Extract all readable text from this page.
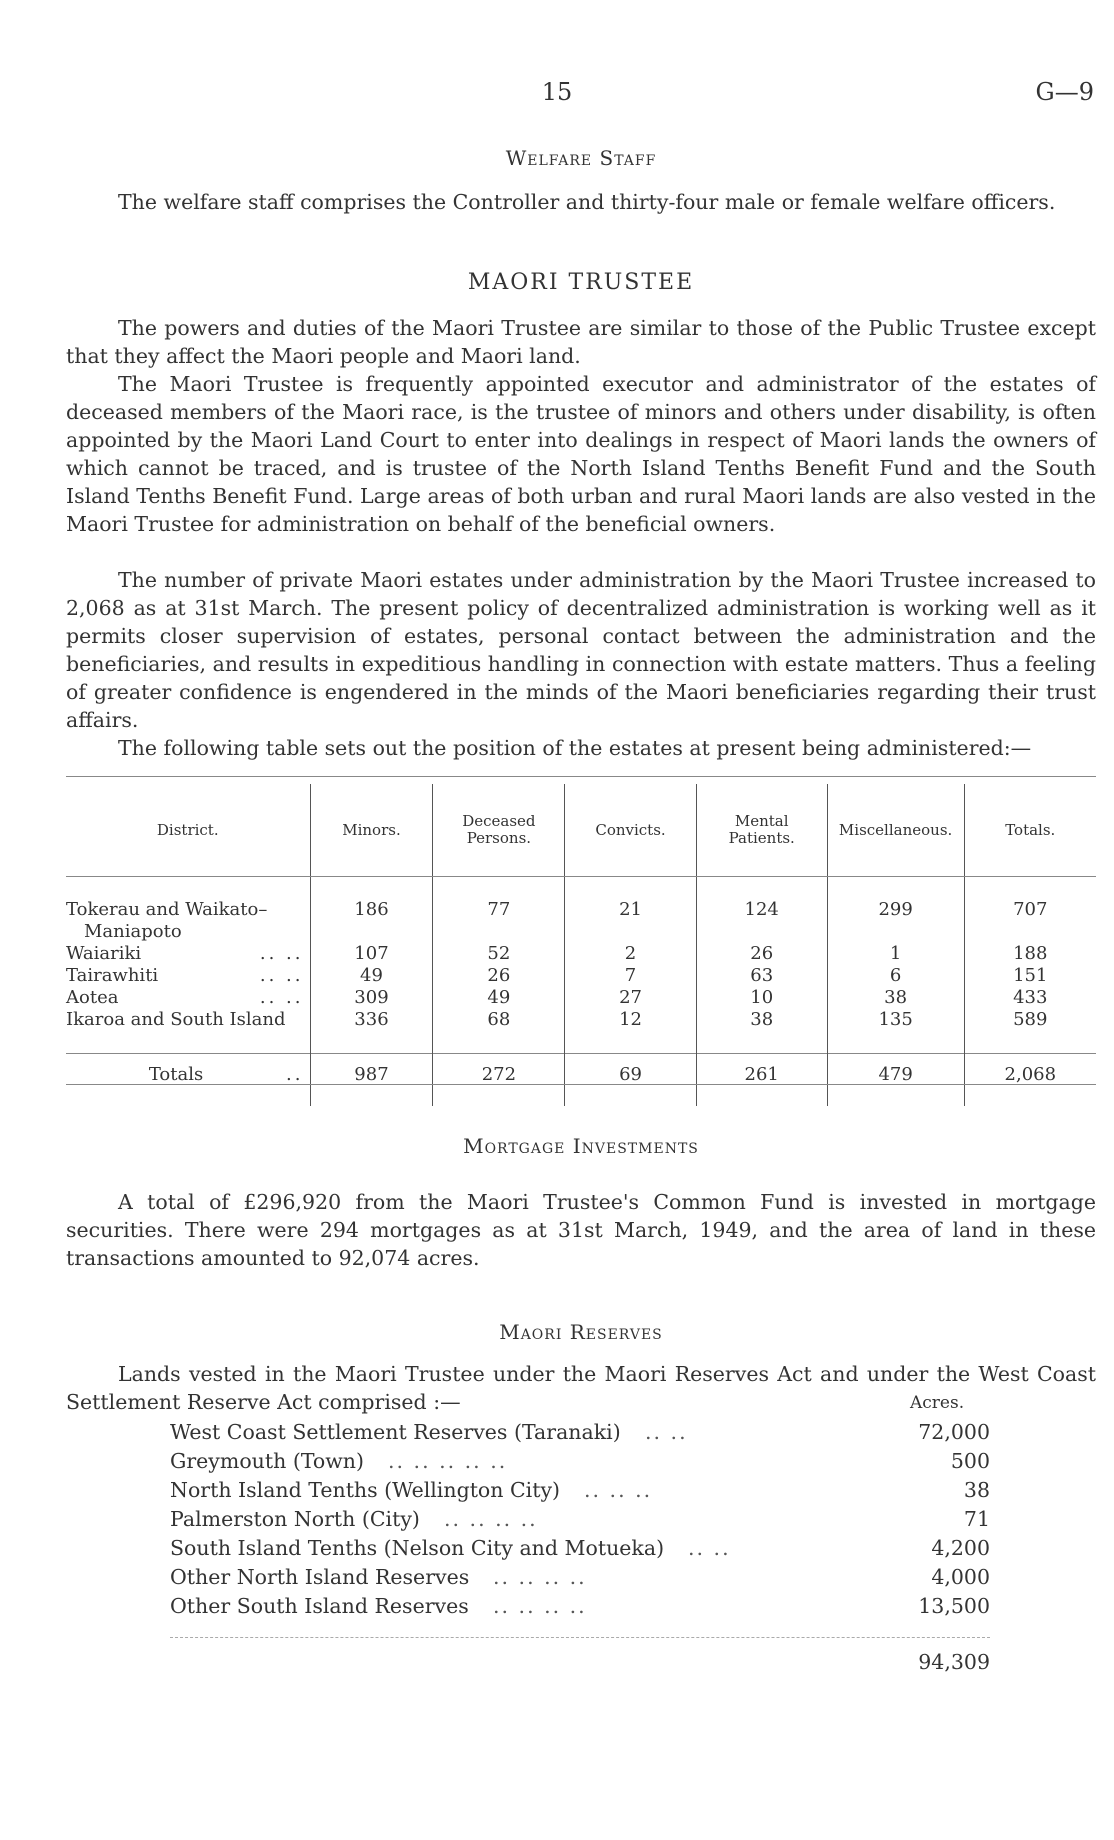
15	G—9
Welfare Staff

The welfare staff comprises the Controller and thirty-four male or female welfare officers.

MAORI TRUSTEE

The powers and duties of the Maori Trustee are similar to those of the Public Trustee except that they affect the Maori people and Maori land.

The Maori Trustee is frequently appointed executor and administrator of the estates of deceased members of the Maori race, is the trustee of minors and others under disability, is often appointed by the Maori Land Court to enter into dealings in respect of Maori lands the owners of which cannot be traced, and is trustee of the North Island Tenths Benefit Fund and the South Island Tenths Benefit Fund. Large areas of both urban and rural Maori lands are also vested in the Maori Trustee for administration on behalf of the beneficial owners.

The number of private Maori estates under administration by the Maori Trustee increased to 2,068 as at 31st March. The present policy of decentralized administration is working well as it permits closer supervision of estates, personal contact between the administration and the beneficiaries, and results in expeditious handling in connection with estate matters. Thus a feeling of greater confidence is engendered in the minds of the Maori beneficiaries regarding their trust affairs.

The following table sets out the position of the estates at present being administered:—

District.	Minors.	Deceased Persons.	Convicts.	Mental Patients.	Miscellaneous.	Totals.

Tokerau and Waikato–
Maniapoto	186	77	21	124	299	707
Waiariki .. ..	107	52	2	26	1	188
Tairawhiti .. ..	49	26	7	63	6	151
Aotea .. ..	309	49	27	10	38	433
Ikaroa and South Island	336	68	12	38	135	589

Totals ..	987	272	69	261	479	2,068
Mortgage Investments

A total of £296,920 from the Maori Trustee's Common Fund is invested in mortgage securities. There were 294 mortgages as at 31st March, 1949, and the area of land in these transactions amounted to 92,074 acres.

Maori Reserves

Lands vested in the Maori Trustee under the Maori Reserves Act and under the West Coast Settlement Reserve Act comprised :—	Acres.
West Coast Settlement Reserves (Taranaki) .. ..	72,000
Greymouth (Town) .. .. .. .. ..	500
North Island Tenths (Wellington City) .. .. ..	38
Palmerston North (City) .. .. .. ..	71
South Island Tenths (Nelson City and Motueka) .. ..	4,200
Other North Island Reserves .. .. .. ..	4,000
Other South Island Reserves .. .. .. ..	13,500
94,309
